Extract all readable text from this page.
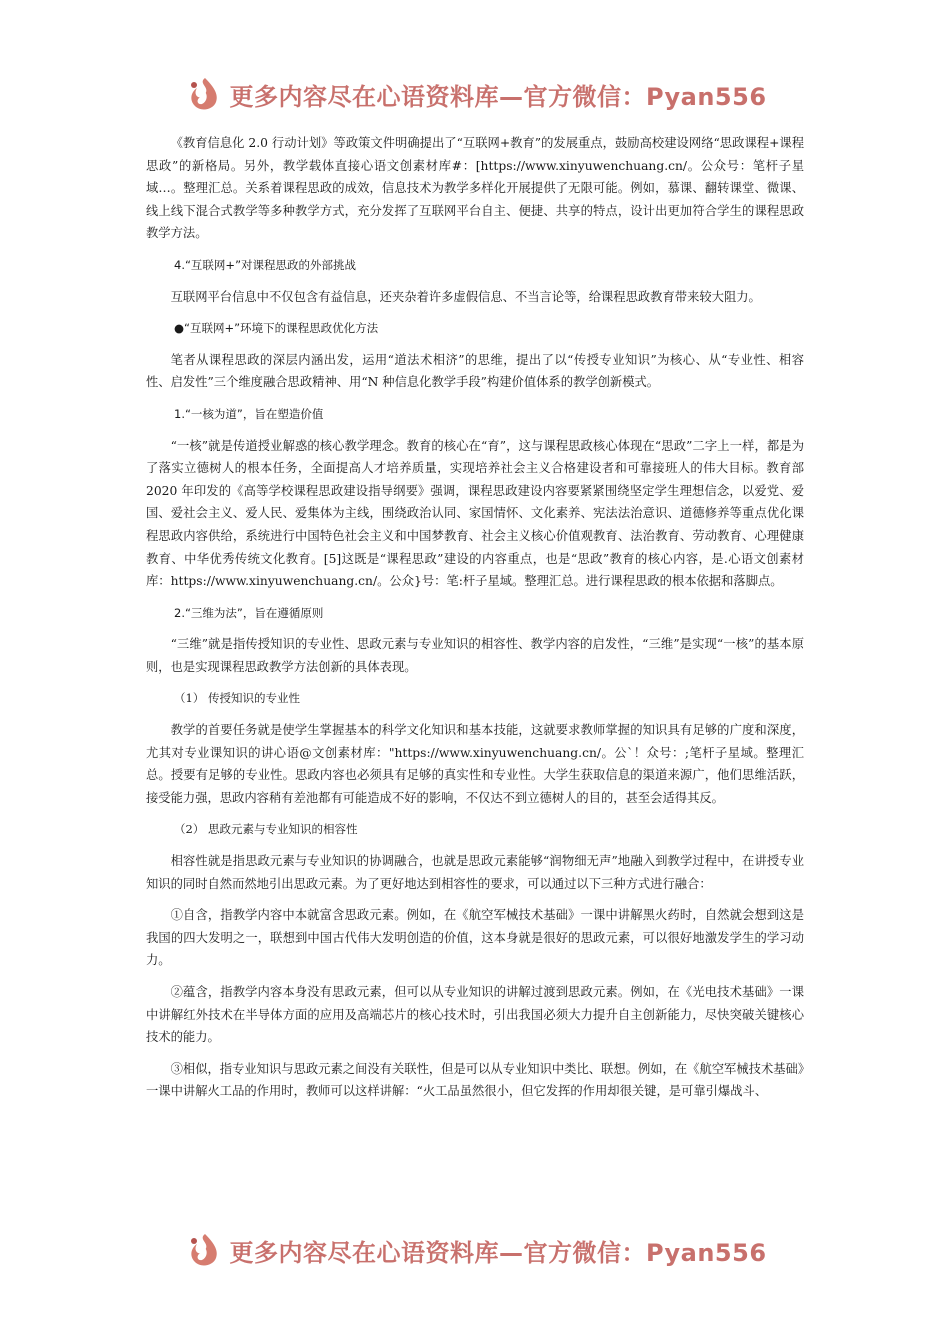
更多内容尽在心语资料库—官方微信：Pyan556

《教育信息化 2.0 行动计划》等政策文件明确提出了“互联网+教育”的发展重点，鼓励高校建设网络“思政课程+课程思政”的新格局。另外，教学载体直接心语文创素材库#：[https://www.xinyuwenchuang.cn/。公众号：笔杆子星域…。整理汇总。关系着课程思政的成效，信息技术为教学多样化开展提供了无限可能。例如，慕课、翻转课堂、微课、线上线下混合式教学等多种教学方式，充分发挥了互联网平台自主、便捷、共享的特点，设计出更加符合学生的课程思政教学方法。

4.“互联网+”对课程思政的外部挑战

互联网平台信息中不仅包含有益信息，还夹杂着许多虚假信息、不当言论等，给课程思政教育带来较大阻力。

●“互联网+”环境下的课程思政优化方法

笔者从课程思政的深层内涵出发，运用“道法术相济”的思维，提出了以“传授专业知识”为核心、从“专业性、相容性、启发性”三个维度融合思政精神、用“N 种信息化教学手段”构建价值体系的教学创新模式。

1.“一核为道”，旨在塑造价值

“一核”就是传道授业解惑的核心教学理念。教育的核心在“育”，这与课程思政核心体现在“思政”二字上一样，都是为了落实立德树人的根本任务，全面提高人才培养质量，实现培养社会主义合格建设者和可靠接班人的伟大目标。教育部 2020 年印发的《高等学校课程思政建设指导纲要》强调，课程思政建设内容要紧紧围绕坚定学生理想信念，以爱党、爱国、爱社会主义、爱人民、爱集体为主线，围绕政治认同、家国情怀、文化素养、宪法法治意识、道德修养等重点优化课程思政内容供给，系统进行中国特色社会主义和中国梦教育、社会主义核心价值观教育、法治教育、劳动教育、心理健康教育、中华优秀传统文化教育。[5]这既是“课程思政”建设的内容重点，也是“思政”教育的核心内容，是.心语文创素材库：https://www.xinyuwenchuang.cn/。公众}号：笔:杆子星域。整理汇总。进行课程思政的根本依据和落脚点。

2.“三维为法”，旨在遵循原则

“三维”就是指传授知识的专业性、思政元素与专业知识的相容性、教学内容的启发性，“三维”是实现“一核”的基本原则，也是实现课程思政教学方法创新的具体表现。

（1） 传授知识的专业性

教学的首要任务就是使学生掌握基本的科学文化知识和基本技能，这就要求教师掌握的知识具有足够的广度和深度，尤其对专业课知识的讲心语@文创素材库："https://www.xinyuwenchuang.cn/。公`！众号：;笔杆子星域。整理汇总。授要有足够的专业性。思政内容也必须具有足够的真实性和专业性。大学生获取信息的渠道来源广，他们思维活跃，接受能力强，思政内容稍有差池都有可能造成不好的影响，不仅达不到立德树人的目的，甚至会适得其反。

（2） 思政元素与专业知识的相容性

相容性就是指思政元素与专业知识的协调融合，也就是思政元素能够“润物细无声”地融入到教学过程中，在讲授专业知识的同时自然而然地引出思政元素。为了更好地达到相容性的要求，可以通过以下三种方式进行融合：

①自含，指教学内容中本就富含思政元素。例如，在《航空军械技术基础》一课中讲解黑火药时，自然就会想到这是我国的四大发明之一，联想到中国古代伟大发明创造的价值，这本身就是很好的思政元素，可以很好地激发学生的学习动力。

②蕴含，指教学内容本身没有思政元素，但可以从专业知识的讲解过渡到思政元素。例如，在《光电技术基础》一课中讲解红外技术在半导体方面的应用及高端芯片的核心技术时，引出我国必须大力提升自主创新能力，尽快突破关键核心技术的能力。

③相似，指专业知识与思政元素之间没有关联性，但是可以从专业知识中类比、联想。例如，在《航空军械技术基础》一课中讲解火工品的作用时，教师可以这样讲解：“火工品虽然很小，但它发挥的作用却很关键，是可靠引爆战斗、

更多内容尽在心语资料库—官方微信：Pyan556
